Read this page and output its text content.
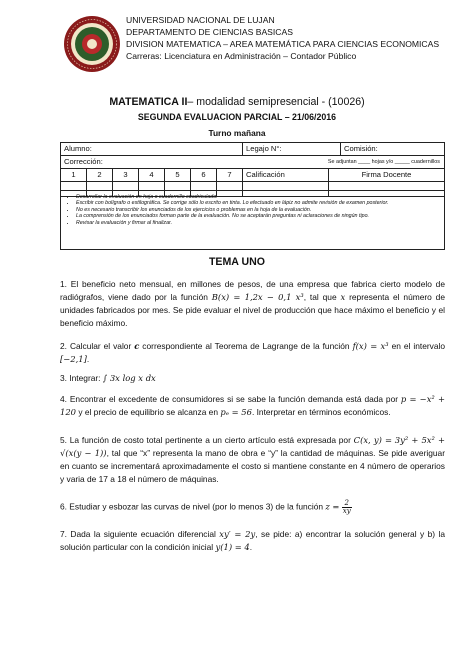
UNIVERSIDAD NACIONAL DE LUJAN
DEPARTAMENTO DE CIENCIAS BASICAS
DIVISION MATEMATICA – AREA MATEMÁTICA PARA CIENCIAS ECONOMICAS
Carreras: Licenciatura en Administración – Contador Público
MATEMATICA II– modalidad semipresencial - (10026)
SEGUNDA EVALUACION PARCIAL – 21/06/2016
Turno mañana
Alumno:	Legajo N°:	Comisión:
Corrección:	Se adjuntan ____ hojas y/o _____ cuadernillos
1	2	3	4	5	6	7	Calificación	Firma Docente
• Desarrollar la evaluación en hoja o cuadernillo cuadriculado.
• Escribir con bolígrafo o estilográfica. Se corrige sólo lo escrito en tinta. Lo efectuado en lápiz no admite revisión de examen posterior.
• No es necesario transcribir los enunciados de los ejercicios o problemas en la hoja de la evaluación.
• La comprensión de los enunciados forman parte de la evaluación. No se aceptarán preguntas ni aclaraciones de ningún tipo.
• Revisar la evaluación y firmar al finalizar.
TEMA UNO
1. El beneficio neto mensual, en millones de pesos, de una empresa que fabrica cierto modelo de radiógrafos, viene dado por la función B(x) = 1,2x − 0,1 x³, tal que x representa el número de unidades fabricados por mes. Se pide evaluar el nivel de producción que hace máximo el beneficio y el beneficio máximo.
2. Calcular el valor c correspondiente al Teorema de Lagrange de la función f(x) = x³ en el intervalo [−2,1].
3. Integrar: ∫ 3x log x dx
4. Encontrar el excedente de consumidores si se sabe la función demanda está dada por p = −x² + 120 y el precio de equilibrio se alcanza en pₑ = 56. Interpretar en términos económicos.
5. La función de costo total pertinente a un cierto artículo está expresada por C(x, y) = 3y² + 5x² + √(x(y − 1)), tal que “x” representa la mano de obra e “y” la cantidad de máquinas. Se pide averiguar en cuanto se incrementará aproximadamente el costo si mantiene constante en 4 número de operarios y varia de 17 a 18 el número de máquinas.
6. Estudiar y esbozar las curvas de nivel (por lo menos 3) de la función $z = \frac{2}{xy}$
7. Dada la siguiente ecuación diferencial xy′ = 2y, se pide: a) encontrar la solución general y b) la solución particular con la condición inicial y(1) = 4.
